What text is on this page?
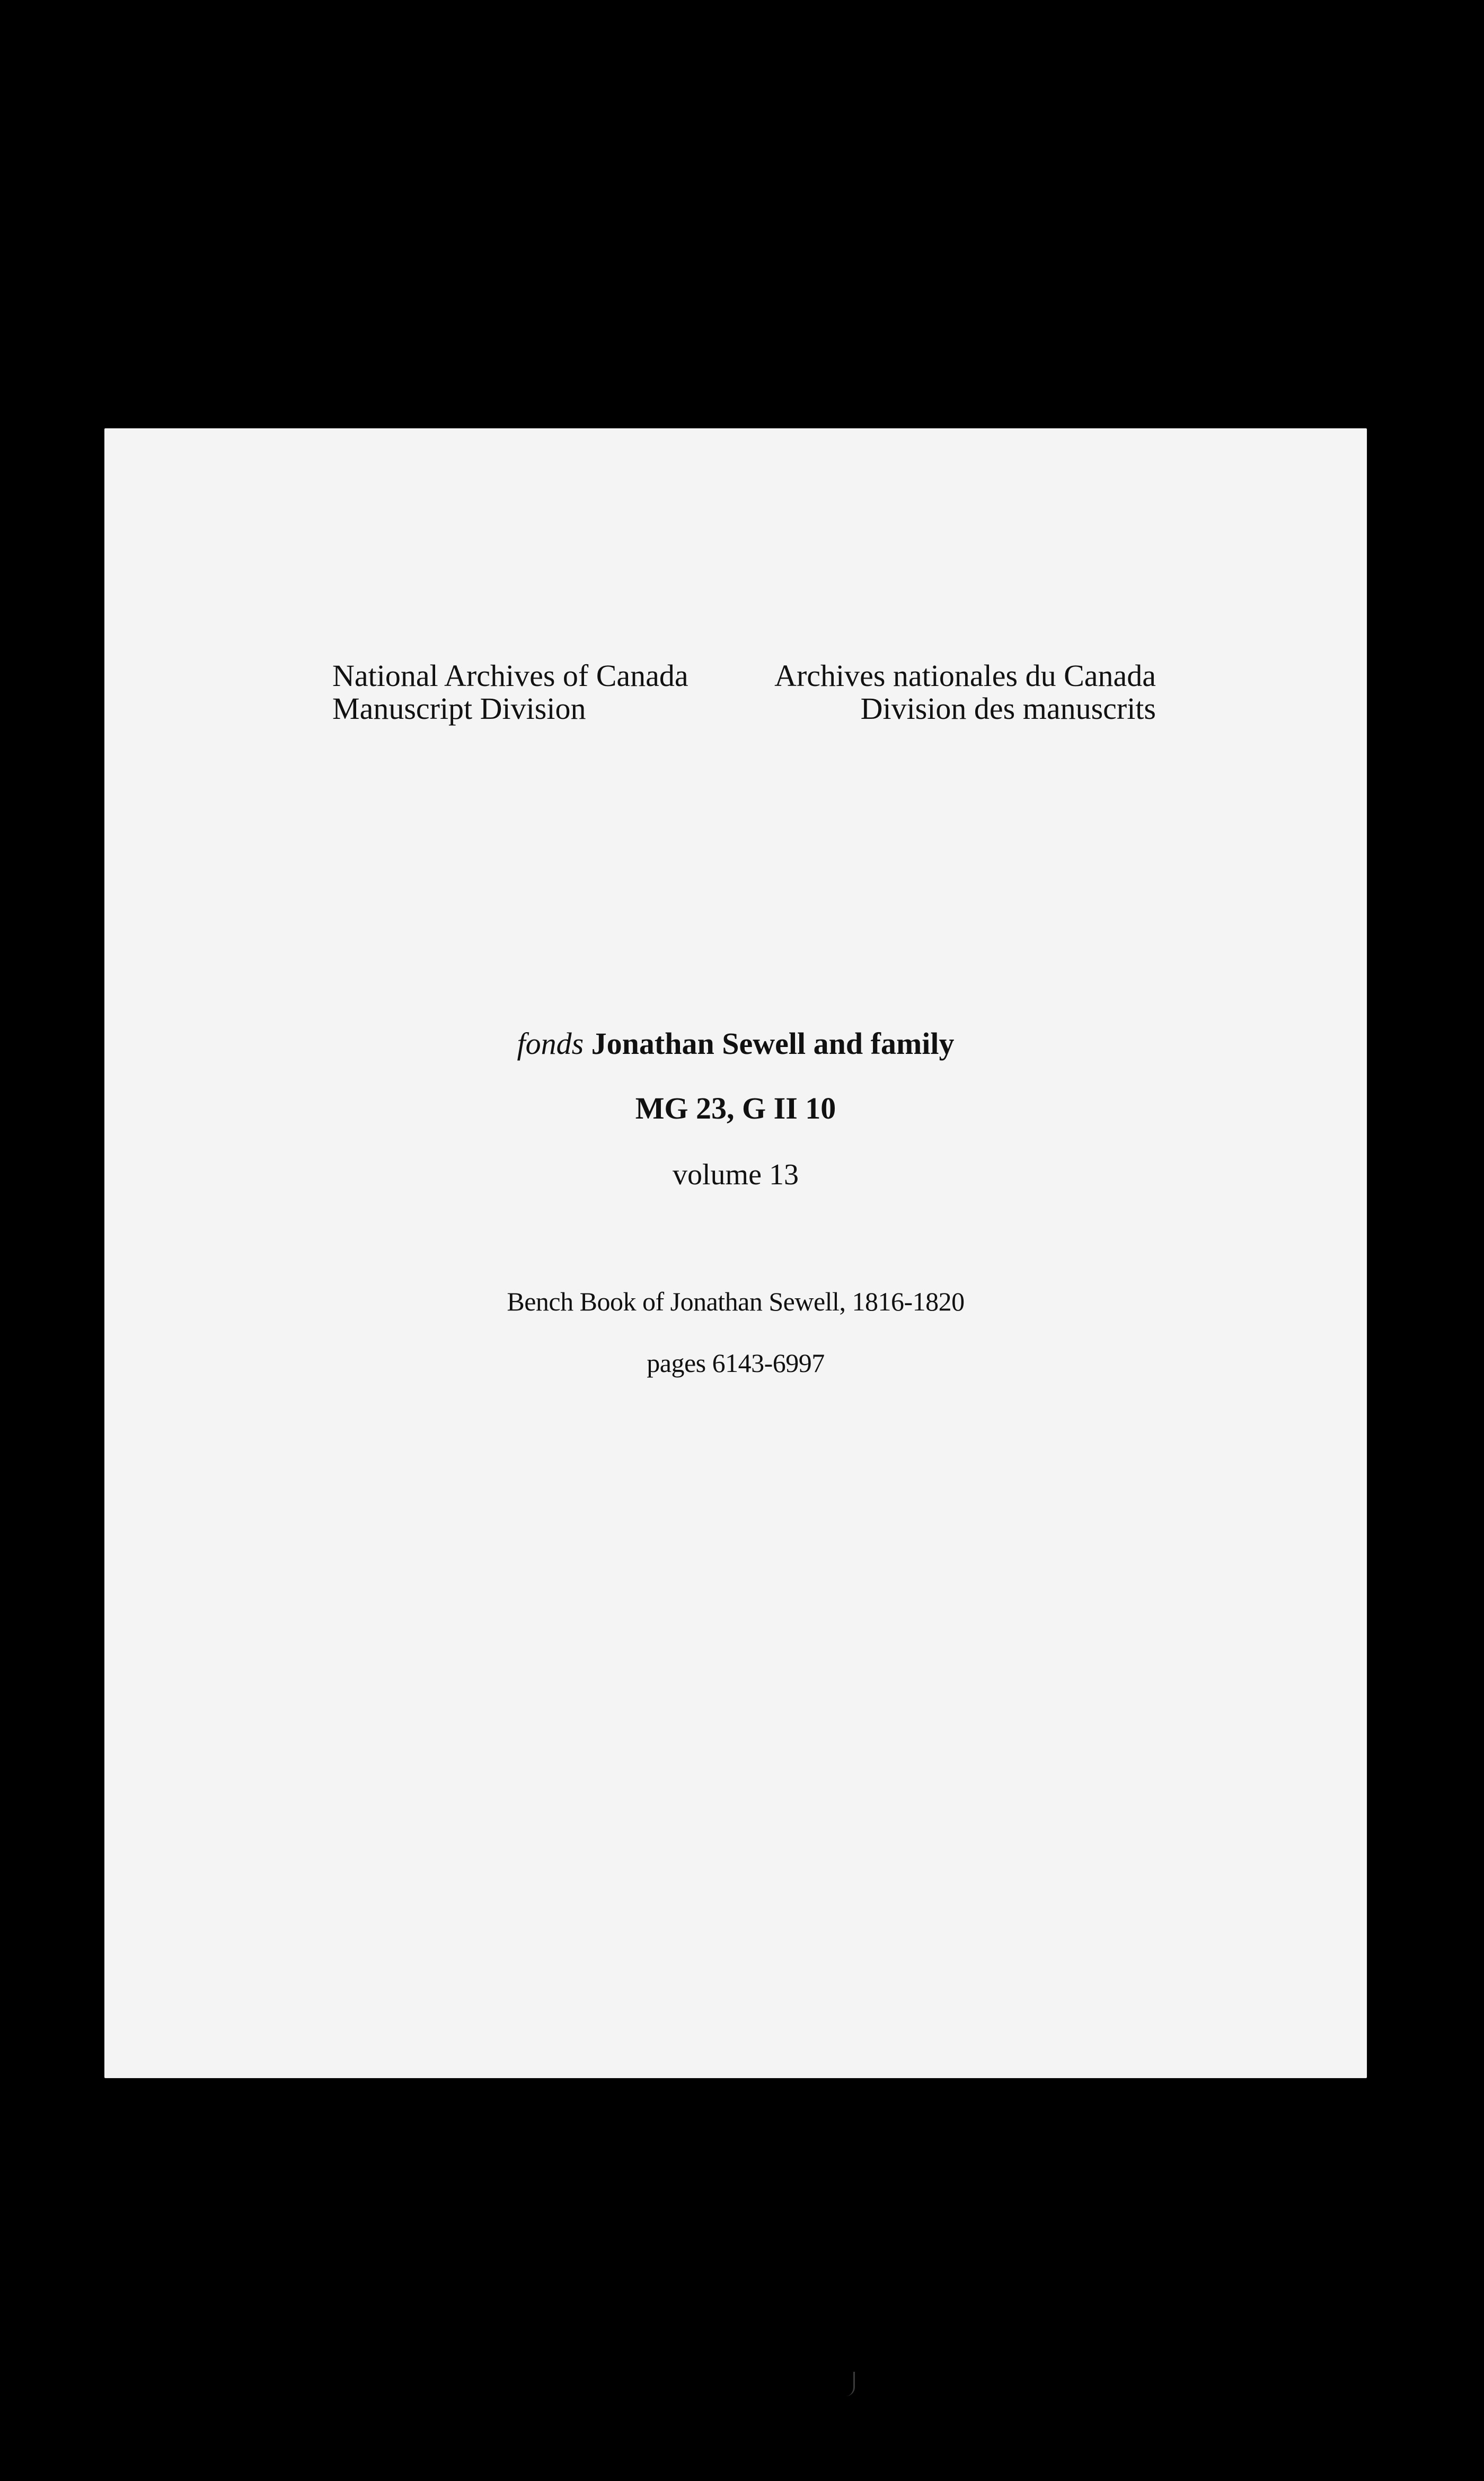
National Archives of Canada
Manuscript Division
Archives nationales du Canada
Division des manuscrits
fonds Jonathan Sewell and family
MG 23, G II 10
volume 13
Bench Book of Jonathan Sewell, 1816-1820
pages 6143-6997
